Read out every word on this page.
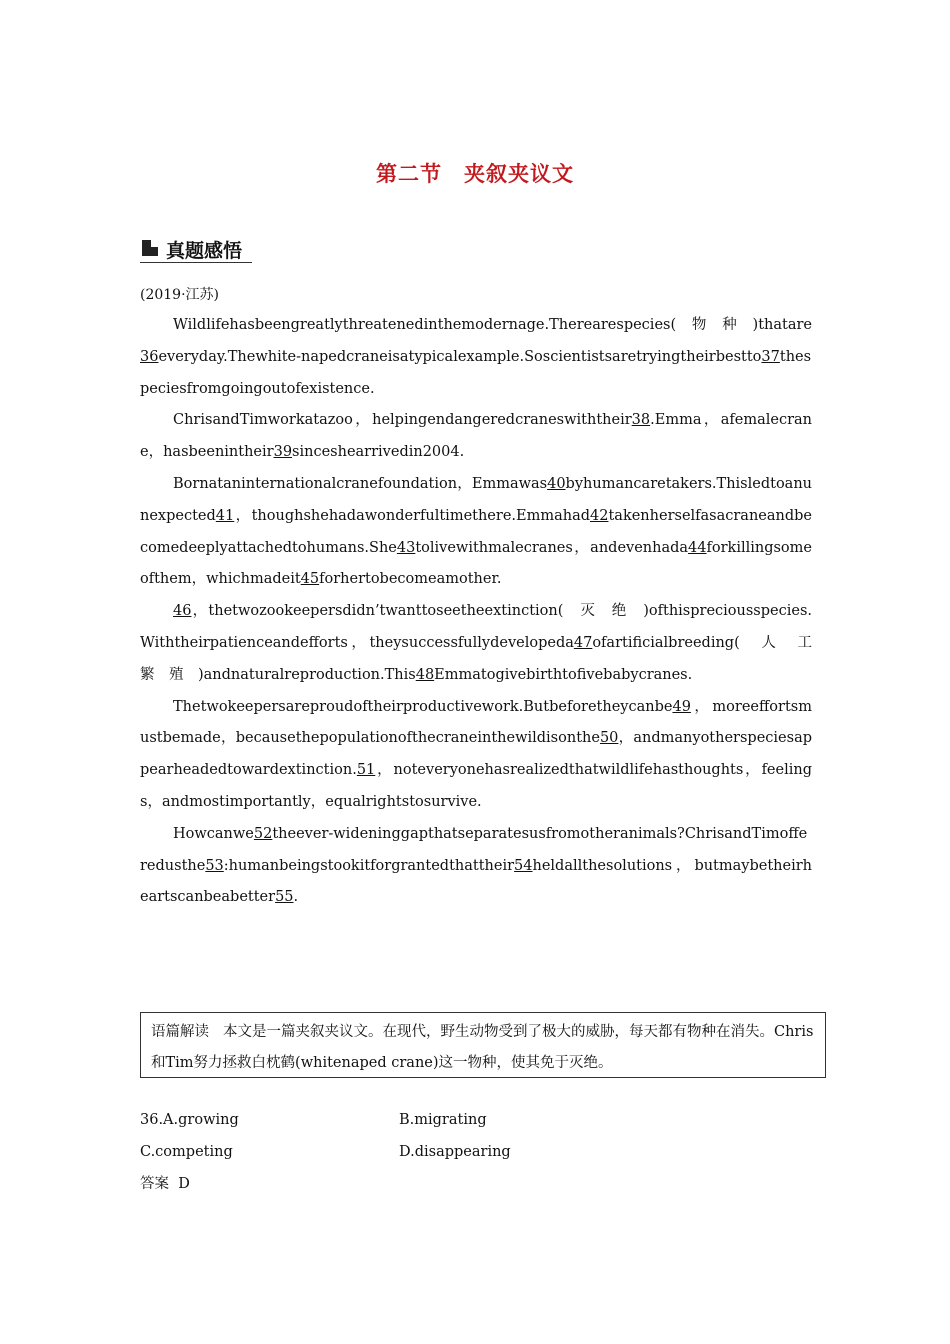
第二节 夹叙夹议文
真题感悟
(2019·江苏)

Wildlifehasbeengreatlythreatenedinthemodernage.Therearespecies(　物　种　)thatare36everyday.Thewhite-napedcraneisatypicalexample.Soscientistsaretryingtheirbestto37thespeciesfromgoingoutofexistence.

ChrisandTimworkatazoo，helpingendangeredcraneswiththeir38.Emma，afemalecrane，hasbeenintheir39sinceshearrivedin2004.

Bornataninternationalcranefoundation，Emmawas40byhumancaretakers.Thisledtoanunexpected41，thoughshehadawonderfultimethere.Emmahad42takenherselfasacraneandbecomedeeplyattachedtohumans.She43tolivewithmalecranes，andevenhada44forkillingsomeofthem，whichmadeit45forhertobecomeamother.

46，thetwozookeepersdidn’twanttoseetheextinction(　灭　绝　)ofthispreciousspecies.Withtheirpatienceandefforts，theysuccessfullydevelopeda47ofartificialbreeding(　人　工　繁　殖　)andnaturalreproduction.This48Emmatogivebirthtofivebabycranes.

Thetwokeepersareproudoftheirproductivework.Butbeforetheycanbe49，moreeffortsmustbemade，becausethepopulationofthecraneinthewildisonthe50，andmanyotherspeciesappearheadedtowardextinction.51，noteveryonehasrealizedthatwildlifehasthoughts，feelings，andmostimportantly，equalrightstosurvive.

Howcanwe52theever-wideninggapthatseparatesusfromotheranimals?ChrisandTimofferedusthe53:humanbeingstookitforgrantedthattheir54heldallthesolutions，butmaybetheirheartscanbeabetter55.

语篇解读 本文是一篇夹叙夹议文。在现代，野生动物受到了极大的威胁，每天都有物种在消失。Chris和Tim努力拯救白枕鹤(whitenaped crane)这一物种，使其免于灭绝。
36.A.growing	B.migrating
C.competing	D.disappearing
答案 D
